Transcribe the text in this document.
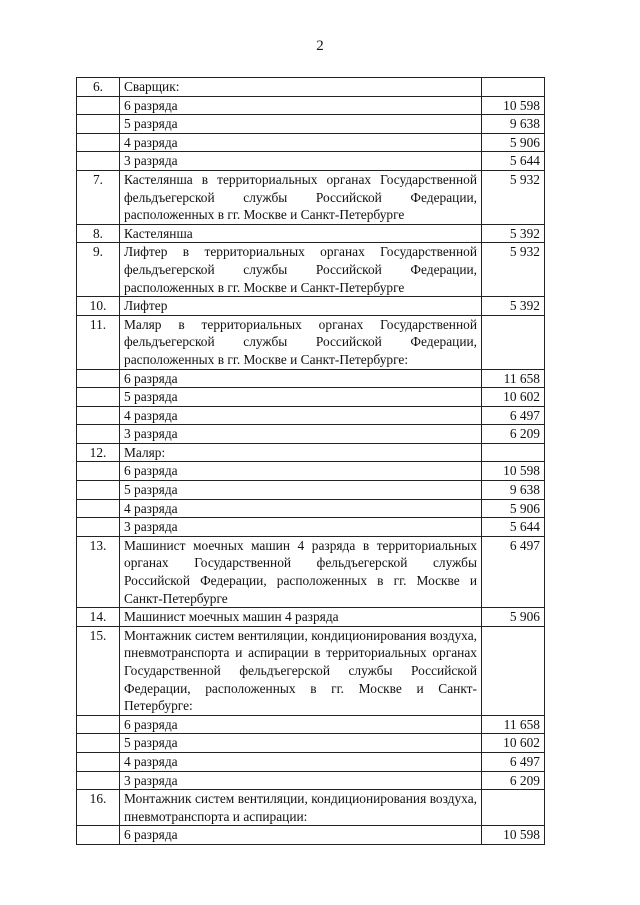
2
6.	Сварщик:	
	6 разряда	10 598
	5 разряда	9 638
	4 разряда	5 906
	3 разряда	5 644
7.	Кастелянша в территориальных органах Государственной фельдъегерской службы Российской Федерации, расположенных в гг. Москве и Санкт-Петербурге	5 932
8.	Кастелянша	5 392
9.	Лифтер в территориальных органах Государственной фельдъегерской службы Российской Федерации, расположенных в гг. Москве и Санкт-Петербурге	5 932
10.	Лифтер	5 392
11.	Маляр в территориальных органах Государственной фельдъегерской службы Российской Федерации, расположенных в гг. Москве и Санкт-Петербурге:	
	6 разряда	11 658
	5 разряда	10 602
	4 разряда	6 497
	3 разряда	6 209
12.	Маляр:	
	6 разряда	10 598
	5 разряда	9 638
	4 разряда	5 906
	3 разряда	5 644
13.	Машинист моечных машин 4 разряда в территориальных органах Государственной фельдъегерской службы Российской Федерации, расположенных в гг. Москве и Санкт-Петербурге	6 497
14.	Машинист моечных машин 4 разряда	5 906
15.	Монтажник систем вентиляции, кондиционирования воздуха, пневмотранспорта и аспирации в территориальных органах Государственной фельдъегерской службы Российской Федерации, расположенных в гг. Москве и Санкт-Петербурге:	
	6 разряда	11 658
	5 разряда	10 602
	4 разряда	6 497
	3 разряда	6 209
16.	Монтажник систем вентиляции, кондиционирования воздуха, пневмотранспорта и аспирации:	
	6 разряда	10 598
